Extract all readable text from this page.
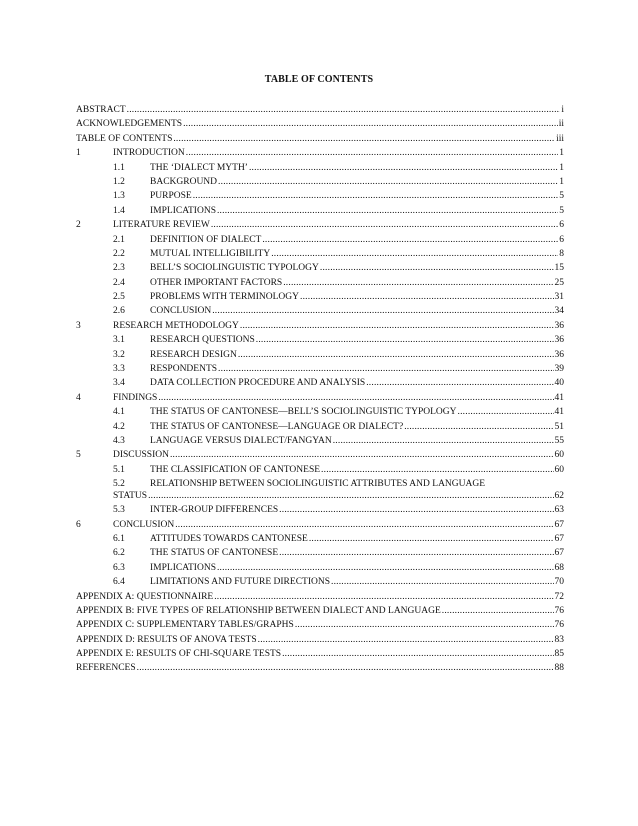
TABLE OF CONTENTS
ABSTRACT .....	i
ACKNOWLEDGEMENTS .....	ii
TABLE OF CONTENTS .....	iii
1	INTRODUCTION .....	1
1.1	THE ‘DIALECT MYTH’ .....	1
1.2	BACKGROUND .....	1
1.3	PURPOSE .....	5
1.4	IMPLICATIONS .....	5
2	LITERATURE REVIEW .....	6
2.1	DEFINITION OF DIALECT .....	6
2.2	MUTUAL INTELLIGIBILITY .....	8
2.3	BELL’S SOCIOLINGUISTIC TYPOLOGY .....	15
2.4	OTHER IMPORTANT FACTORS .....	25
2.5	PROBLEMS WITH TERMINOLOGY .....	31
2.6	CONCLUSION .....	34
3	RESEARCH METHODOLOGY .....	36
3.1	RESEARCH QUESTIONS .....	36
3.2	RESEARCH DESIGN .....	36
3.3	RESPONDENTS .....	39
3.4	DATA COLLECTION PROCEDURE AND ANALYSIS .....	40
4	FINDINGS .....	41
4.1	THE STATUS OF CANTONESE—BELL’S SOCIOLINGUISTIC TYPOLOGY .....	41
4.2	THE STATUS OF CANTONESE—LANGUAGE OR DIALECT? .....	51
4.3	LANGUAGE VERSUS DIALECT/FANGYAN .....	55
5	DISCUSSION .....	60
5.1	THE CLASSIFICATION OF CANTONESE .....	60
5.2	RELATIONSHIP BETWEEN SOCIOLINGUISTIC ATTRIBUTES AND LANGUAGE
STATUS .....	62
5.3	INTER-GROUP DIFFERENCES .....	63
6	CONCLUSION .....	67
6.1	ATTITUDES TOWARDS CANTONESE .....	67
6.2	THE STATUS OF CANTONESE .....	67
6.3	IMPLICATIONS .....	68
6.4	LIMITATIONS AND FUTURE DIRECTIONS .....	70
APPENDIX A: QUESTIONNAIRE .....	72
APPENDIX B: FIVE TYPES OF RELATIONSHIP BETWEEN DIALECT AND LANGUAGE .....	76
APPENDIX C: SUPPLEMENTARY TABLES/GRAPHS .....	76
APPENDIX D: RESULTS OF ANOVA TESTS .....	83
APPENDIX E: RESULTS OF CHI-SQUARE TESTS .....	85
REFERENCES .....	88
